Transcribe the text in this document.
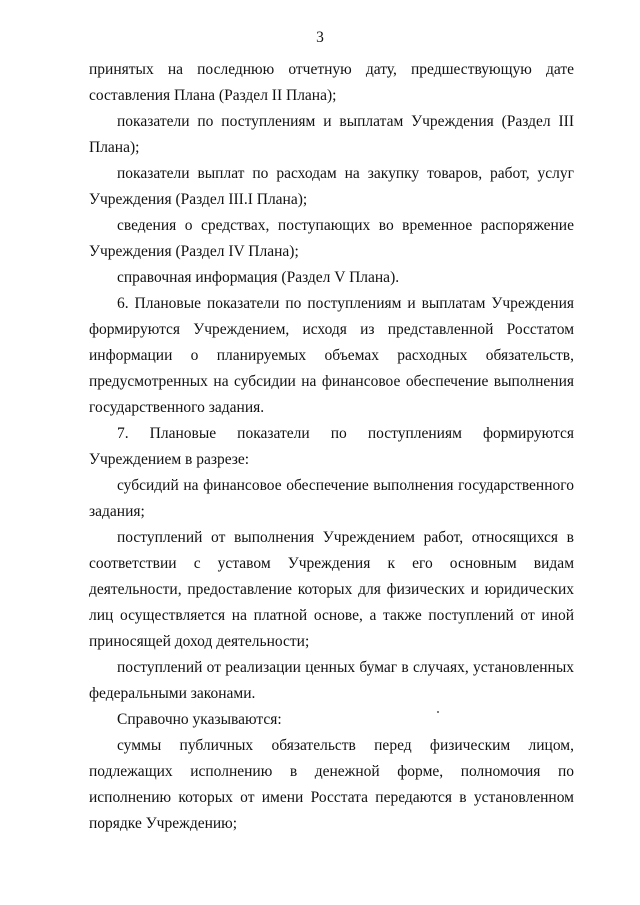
3

принятых на последнюю отчетную дату, предшествующую дате составления Плана (Раздел II Плана);

показатели по поступлениям и выплатам Учреждения (Раздел III Плана);

показатели выплат по расходам на закупку товаров, работ, услуг Учреждения (Раздел III.I Плана);

сведения о средствах, поступающих во временное распоряжение Учреждения (Раздел IV Плана);

справочная информация (Раздел V Плана).

6. Плановые показатели по поступлениям и выплатам Учреждения формируются Учреждением, исходя из представленной Росстатом информации о планируемых объемах расходных обязательств, предусмотренных на субсидии на финансовое обеспечение выполнения государственного задания.

7. Плановые показатели по поступлениям формируются Учреждением в разрезе:

субсидий на финансовое обеспечение выполнения государственного задания;

поступлений от выполнения Учреждением работ, относящихся в соответствии с уставом Учреждения к его основным видам деятельности, предоставление которых для физических и юридических лиц осуществляется на платной основе, а также поступлений от иной приносящей доход деятельности;

поступлений от реализации ценных бумаг в случаях, установленных федеральными законами.

Справочно указываются:

суммы публичных обязательств перед физическим лицом, подлежащих исполнению в денежной форме, полномочия по исполнению которых от имени Росстата передаются в установленном порядке Учреждению;
